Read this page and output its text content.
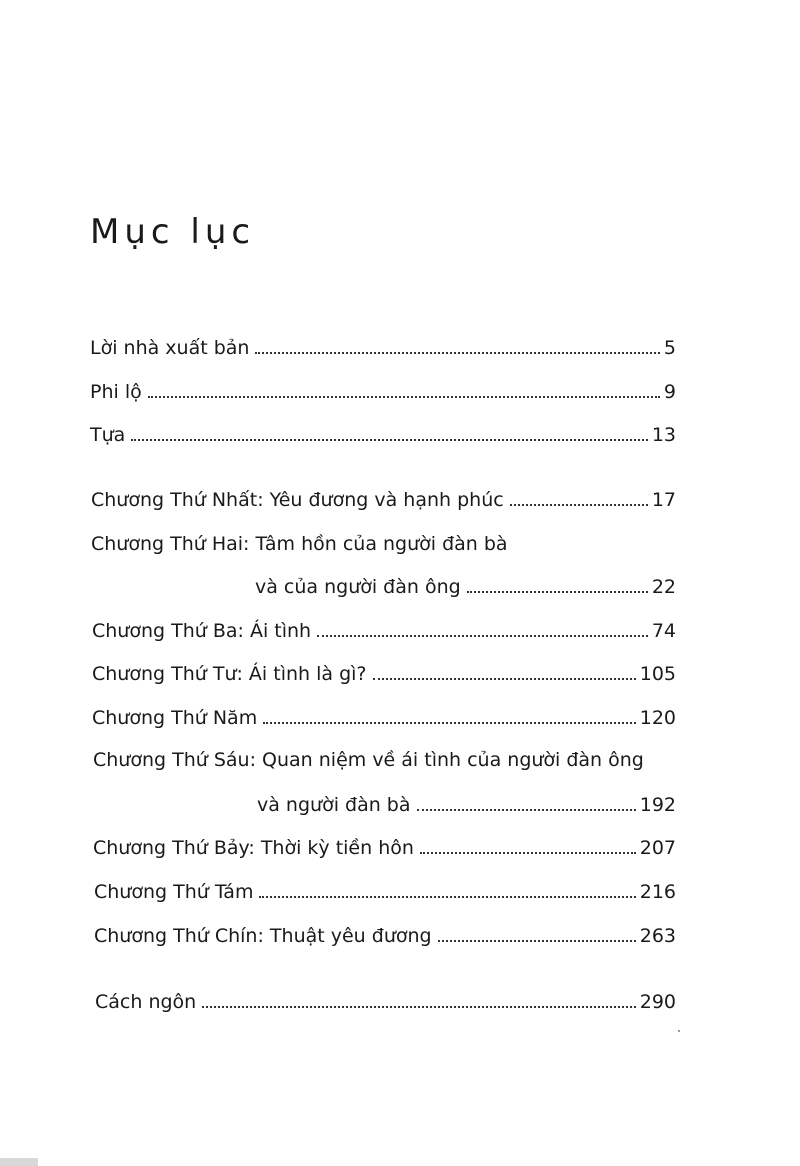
Mục lục
Lời nhà xuất bản	5
Phi lộ	9
Tựa	13
Chương Thứ Nhất: Yêu đương và hạnh phúc	17
Chương Thứ Hai: Tâm hồn của người đàn bà
và của người đàn ông	22
Chương Thứ Ba: Ái tình	74
Chương Thứ Tư: Ái tình là gì?	105
Chương Thứ Năm	120
Chương Thứ Sáu: Quan niệm về ái tình của người đàn ông
và người đàn bà	192
Chương Thứ Bảy: Thời kỳ tiền hôn	207
Chương Thứ Tám	216
Chương Thứ Chín: Thuật yêu đương	263
Cách ngôn	290
